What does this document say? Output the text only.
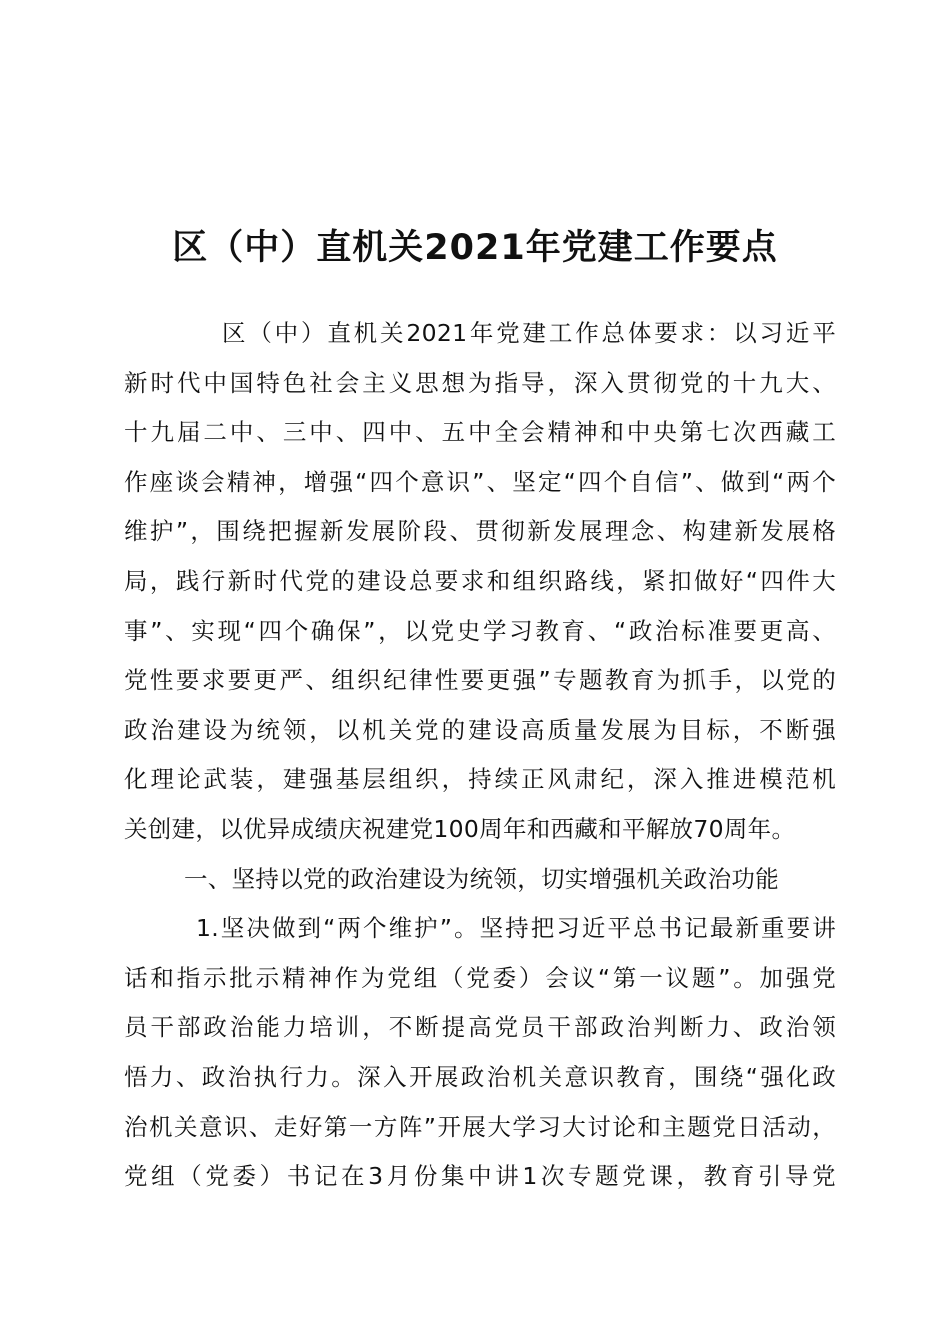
区（中）直机关2021年党建工作要点
区（中）直机关2021年党建工作总体要求：以习近平
新时代中国特色社会主义思想为指导，深入贯彻党的十九大、
十九届二中、三中、四中、五中全会精神和中央第七次西藏工
作座谈会精神，增强“四个意识”、坚定“四个自信”、做到“两个
维护”，围绕把握新发展阶段、贯彻新发展理念、构建新发展格
局，践行新时代党的建设总要求和组织路线，紧扣做好“四件大
事”、实现“四个确保”，以党史学习教育、“政治标准要更高、
党性要求要更严、组织纪律性要更强”专题教育为抓手，以党的
政治建设为统领，以机关党的建设高质量发展为目标，不断强
化理论武装，建强基层组织，持续正风肃纪，深入推进模范机
关创建，以优异成绩庆祝建党100周年和西藏和平解放70周年。
一、坚持以党的政治建设为统领，切实增强机关政治功能
1.坚决做到“两个维护”。坚持把习近平总书记最新重要讲
话和指示批示精神作为党组（党委）会议“第一议题”。加强党
员干部政治能力培训，不断提高党员干部政治判断力、政治领
悟力、政治执行力。深入开展政治机关意识教育，围绕“强化政
治机关意识、走好第一方阵”开展大学习大讨论和主题党日活动，
党组（党委）书记在3月份集中讲1次专题党课，教育引导党
